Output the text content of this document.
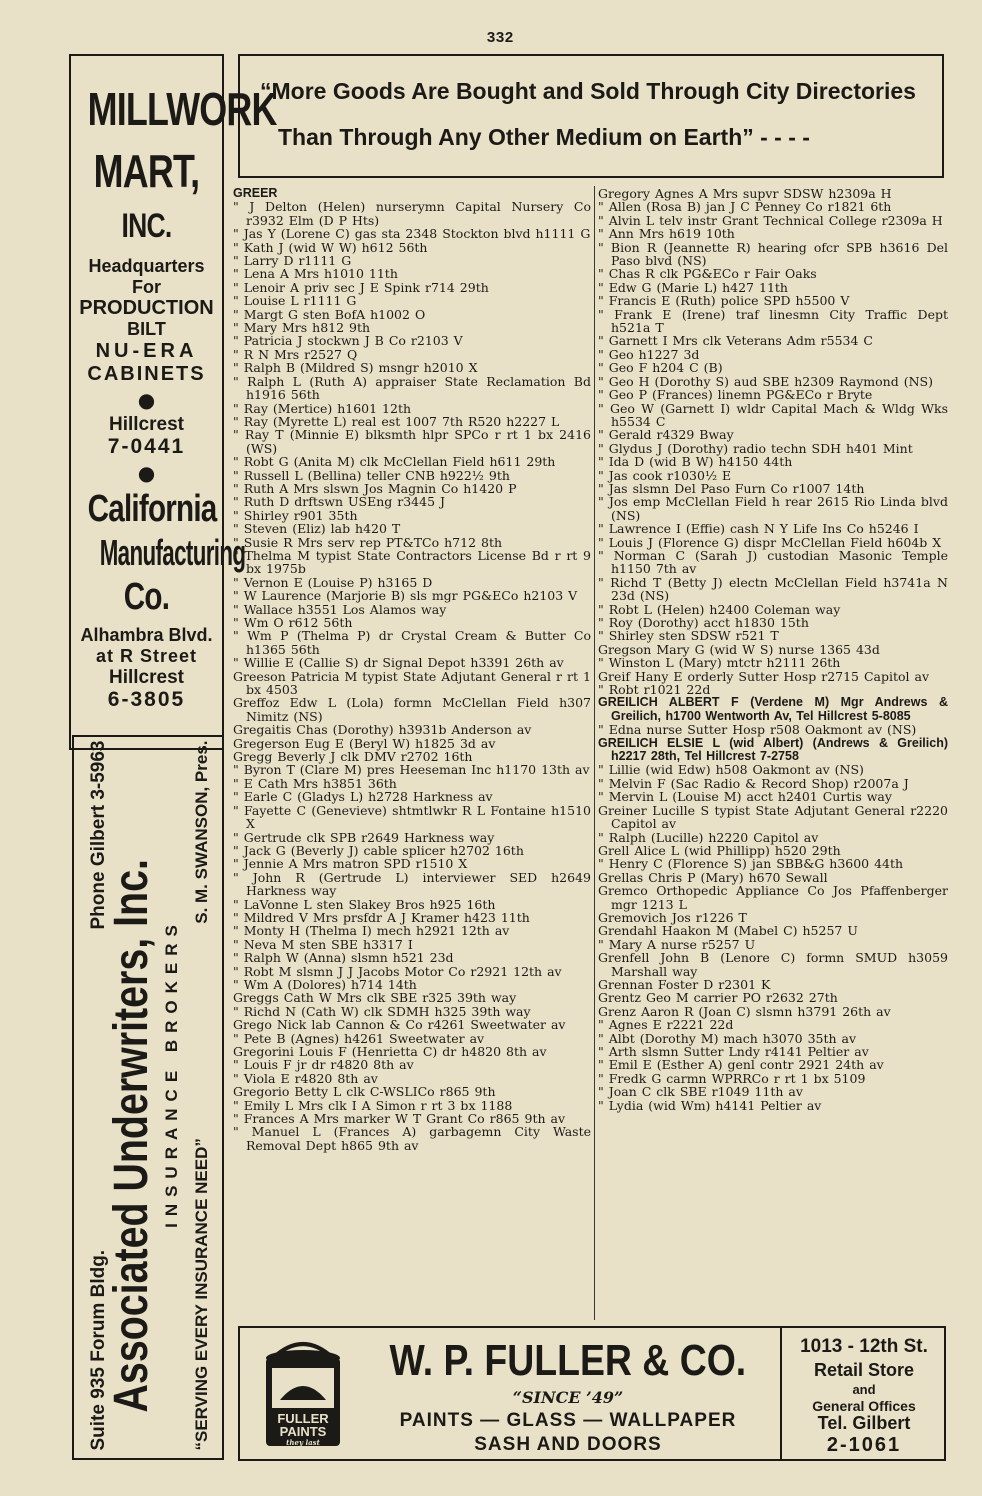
332
MILLWORK
MART,
INC.
Headquarters
For
PRODUCTION
BILT
NU-ERA
CABINETS
●
Hillcrest
7-0441
●
California
Manufacturing
Co.
Alhambra Blvd.
at R Street
Hillcrest
6-3805
Phone Gilbert 3-5963
Suite 935 Forum Bldg.
Associated Underwriters, Inc. INSURANCE BROKERS
“SERVING EVERY INSURANCE NEED”
S. M. SWANSON, Pres.
“More Goods Are Bought and Sold Through City Directories
Than Through Any Other Medium on Earth” - - - -

GREER

" J Delton (Helen) nurserymn Capital Nursery Co r3932 Elm (D P Hts)

" Jas Y (Lorene C) gas sta 2348 Stockton blvd h1111 G

" Kath J (wid W W) h612 56th

" Larry D r1111 G

" Lena A Mrs h1010 11th

" Lenoir A priv sec J E Spink r714 29th

" Louise L r1111 G

" Margt G sten BofA h1002 O

" Mary Mrs h812 9th

" Patricia J stockwn J B Co r2103 V

" R N Mrs r2527 Q

" Ralph B (Mildred S) msngr h2010 X

" Ralph L (Ruth A) appraiser State Reclamation Bd h1916 56th

" Ray (Mertice) h1601 12th

" Ray (Myrette L) real est 1007 7th R520 h2227 L

" Ray T (Minnie E) blksmth hlpr SPCo r rt 1 bx 2416 (WS)

" Robt G (Anita M) clk McClellan Field h611 29th

" Russell L (Bellina) teller CNB h922½ 9th

" Ruth A Mrs slswn Jos Magnin Co h1420 P

" Ruth D drftswn USEng r3445 J

" Shirley r901 35th

" Steven (Eliz) lab h420 T

" Susie R Mrs serv rep PT&TCo h712 8th

" Thelma M typist State Contractors License Bd r rt 9 bx 1975b

" Vernon E (Louise P) h3165 D

" W Laurence (Marjorie B) sls mgr PG&ECo h2103 V

" Wallace h3551 Los Alamos way

" Wm O r612 56th

" Wm P (Thelma P) dr Crystal Cream & Butter Co h1365 56th

" Willie E (Callie S) dr Signal Depot h3391 26th av

Greeson Patricia M typist State Adjutant General r rt 1 bx 4503

Greffoz Edw L (Lola) formn McClellan Field h307 Nimitz (NS)

Gregaitis Chas (Dorothy) h3931b Anderson av

Gregerson Eug E (Beryl W) h1825 3d av

Gregg Beverly J clk DMV r2702 16th

" Byron T (Clare M) pres Heeseman Inc h1170 13th av

" E Cath Mrs h3851 36th

" Earle C (Gladys L) h2728 Harkness av

" Fayette C (Genevieve) shtmtlwkr R L Fontaine h1510 X

" Gertrude clk SPB r2649 Harkness way

" Jack G (Beverly J) cable splicer h2702 16th

" Jennie A Mrs matron SPD r1510 X

" John R (Gertrude L) interviewer SED h2649 Harkness way

" LaVonne L sten Slakey Bros h925 16th

" Mildred V Mrs prsfdr A J Kramer h423 11th

" Monty H (Thelma I) mech h2921 12th av

" Neva M sten SBE h3317 I

" Ralph W (Anna) slsmn h521 23d

" Robt M slsmn J J Jacobs Motor Co r2921 12th av

" Wm A (Dolores) h714 14th

Greggs Cath W Mrs clk SBE r325 39th way

" Richd N (Cath W) clk SDMH h325 39th way

Grego Nick lab Cannon & Co r4261 Sweetwater av

" Pete B (Agnes) h4261 Sweetwater av

Gregorini Louis F (Henrietta C) dr h4820 8th av

" Louis F jr dr r4820 8th av

" Viola E r4820 8th av

Gregorio Betty L clk C-WSLICo r865 9th

" Emily L Mrs clk I A Simon r rt 3 bx 1188

" Frances A Mrs marker W T Grant Co r865 9th av

" Manuel L (Frances A) garbagemn City Waste Removal Dept h865 9th av

Gregory Agnes A Mrs supvr SDSW h2309a H

" Allen (Rosa B) jan J C Penney Co r1821 6th

" Alvin L telv instr Grant Technical College r2309a H

" Ann Mrs h619 10th

" Bion R (Jeannette R) hearing ofcr SPB h3616 Del Paso blvd (NS)

" Chas R clk PG&ECo r Fair Oaks

" Edw G (Marie L) h427 11th

" Francis E (Ruth) police SPD h5500 V

" Frank E (Irene) traf linesmn City Traffic Dept h521a T

" Garnett I Mrs clk Veterans Adm r5534 C

" Geo h1227 3d

" Geo F h204 C (B)

" Geo H (Dorothy S) aud SBE h2309 Raymond (NS)

" Geo P (Frances) linemn PG&ECo r Bryte

" Geo W (Garnett I) wldr Capital Mach & Wldg Wks h5534 C

" Gerald r4329 Bway

" Glydus J (Dorothy) radio techn SDH h401 Mint

" Ida D (wid B W) h4150 44th

" Jas cook r1030½ E

" Jas slsmn Del Paso Furn Co r1007 14th

" Jos emp McClellan Field h rear 2615 Rio Linda blvd (NS)

" Lawrence I (Effie) cash N Y Life Ins Co h5246 I

" Louis J (Florence G) dispr McClellan Field h604b X

" Norman C (Sarah J) custodian Masonic Temple h1150 7th av

" Richd T (Betty J) electn McClellan Field h3741a N 23d (NS)

" Robt L (Helen) h2400 Coleman way

" Roy (Dorothy) acct h1830 15th

" Shirley sten SDSW r521 T

Gregson Mary G (wid W S) nurse 1365 43d

" Winston L (Mary) mtctr h2111 26th

Greif Hany E orderly Sutter Hosp r2715 Capitol av

" Robt r1021 22d

GREILICH ALBERT F (Verdene M) Mgr Andrews & Greilich, h1700 Wentworth Av, Tel Hillcrest 5-8085

" Edna nurse Sutter Hosp r508 Oakmont av (NS)

GREILICH ELSIE L (wid Albert) (Andrews & Greilich) h2217 28th, Tel Hillcrest 7-2758

" Lillie (wid Edw) h508 Oakmont av (NS)

" Melvin F (Sac Radio & Record Shop) r2007a J

" Mervin L (Louise M) acct h2401 Curtis way

Greiner Lucille S typist State Adjutant General r2220 Capitol av

" Ralph (Lucille) h2220 Capitol av

Grell Alice L (wid Phillipp) h520 29th

" Henry C (Florence S) jan SBB&G h3600 44th

Grellas Chris P (Mary) h670 Sewall

Gremco Orthopedic Appliance Co Jos Pfaffenberger mgr 1213 L

Gremovich Jos r1226 T

Grendahl Haakon M (Mabel C) h5257 U

" Mary A nurse r5257 U

Grenfell John B (Lenore C) formn SMUD h3059 Marshall way

Grennan Foster D r2301 K

Grentz Geo M carrier PO r2632 27th

Grenz Aaron R (Joan C) slsmn h3791 26th av

" Agnes E r2221 22d

" Albt (Dorothy M) mach h3070 35th av

" Arth slsmn Sutter Lndy r4141 Peltier av

" Emil E (Esther A) genl contr 2921 24th av

" Fredk G carmn WPRRCo r rt 1 bx 5109

" Joan C clk SBE r1049 11th av

" Lydia (wid Wm) h4141 Peltier av

FULLER
PAINTS
they last
W. P. FULLER & CO.
“SINCE ’49”
PAINTS — GLASS — WALLPAPER
SASH AND DOORS
1013 - 12th St.
Retail Store
and
General Offices
Tel. Gilbert
2-1061
